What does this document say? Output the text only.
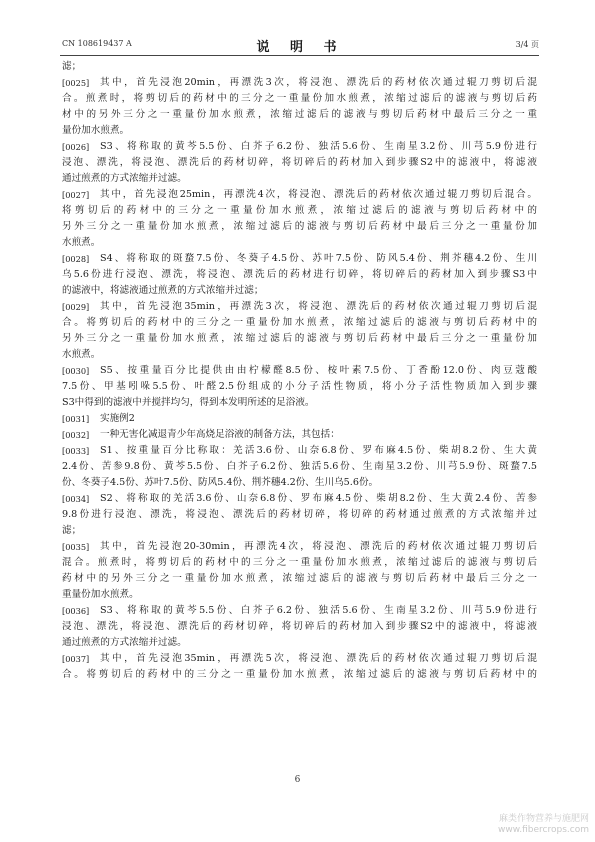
CN 108619437 A	说 明 书	3/4 页
滤；
[0025]	其中，首先浸泡20min，再漂洗3次，将浸泡、漂洗后的药材依次通过辊刀剪切后混
合。煎煮时，将剪切后的药材中的三分之一重量份加水煎煮，浓缩过滤后的滤液与剪切后药
材中的另外三分之一重量份加水煎煮，浓缩过滤后的滤液与剪切后药材中最后三分之一重
量份加水煎煮。
[0026]	S3、将称取的黄芩5.5份、白芥子6.2份、独活5.6份、生南星3.2份、川芎5.9份进行
浸泡、漂洗，将浸泡、漂洗后的药材切碎，将切碎后的药材加入到步骤S2中的滤液中，将滤液
通过煎煮的方式浓缩并过滤。
[0027]	其中，首先浸泡25min，再漂洗4次，将浸泡、漂洗后的药材依次通过辊刀剪切后混合。
将剪切后的药材中的三分之一重量份加水煎煮，浓缩过滤后的滤液与剪切后药材中的
另外三分之一重量份加水煎煮，浓缩过滤后的滤液与剪切后药材中最后三分之一重量份加
水煎煮。
[0028]	S4、将称取的斑蝥7.5份、冬葵子4.5份、苏叶7.5份、防风5.4份、荆芥穗4.2份、生川
乌5.6份进行浸泡、漂洗，将浸泡、漂洗后的药材进行切碎，将切碎后的药材加入到步骤S3中
的滤液中，将滤液通过煎煮的方式浓缩并过滤；
[0029]	其中，首先浸泡35min，再漂洗3次，将浸泡、漂洗后的药材依次通过辊刀剪切后混
合。将剪切后的药材中的三分之一重量份加水煎煮，浓缩过滤后的滤液与剪切后药材中的
另外三分之一重量份加水煎煮，浓缩过滤后的滤液与剪切后药材中最后三分之一重量份加
水煎煮。
[0030]	S5、按重量百分比提供由由柠檬醛8.5份、桉叶素7.5份、丁香酚12.0份、肉豆蔻酸
7.5份、甲基吲哚5.5份、叶醛2.5份组成的小分子活性物质，将小分子活性物质加入到步骤
S3中得到的滤液中并搅拌均匀，得到本发明所述的足浴液。
[0031]	实施例2
[0032]	一种无害化减退青少年高烧足浴液的制备方法，其包括：
[0033]	S1、按重量百分比称取：羌活3.6份、山奈6.8份、罗布麻4.5份、柴胡8.2份、生大黄
2.4份、苦参9.8份、黄芩5.5份、白芥子6.2份、独活5.6份、生南星3.2份、川芎5.9份、斑蝥7.5
份、冬葵子4.5份、苏叶7.5份、防风5.4份、荆芥穗4.2份、生川乌5.6份。
[0034]	S2、将称取的羌活3.6份、山奈6.8份、罗布麻4.5份、柴胡8.2份、生大黄2.4份、苦参
9.8份进行浸泡、漂洗，将浸泡、漂洗后的药材切碎，将切碎的药材通过煎煮的方式浓缩并过
滤；
[0035]	其中，首先浸泡20-30min，再漂洗4次，将浸泡、漂洗后的药材依次通过辊刀剪切后
混合。煎煮时，将剪切后的药材中的三分之一重量份加水煎煮，浓缩过滤后的滤液与剪切后
药材中的另外三分之一重量份加水煎煮，浓缩过滤后的滤液与剪切后药材中最后三分之一
重量份加水煎煮。
[0036]	S3、将称取的黄芩5.5份、白芥子6.2份、独活5.6份、生南星3.2份、川芎5.9份进行
浸泡、漂洗，将浸泡、漂洗后的药材切碎，将切碎后的药材加入到步骤S2中的滤液中，将滤液
通过煎煮的方式浓缩并过滤。
[0037]	其中，首先浸泡35min，再漂洗5次，将浸泡、漂洗后的药材依次通过辊刀剪切后混
合。将剪切后的药材中的三分之一重量份加水煎煮，浓缩过滤后的滤液与剪切后药材中的
6
麻类作物营养与施肥网
www.fibercrops.com
